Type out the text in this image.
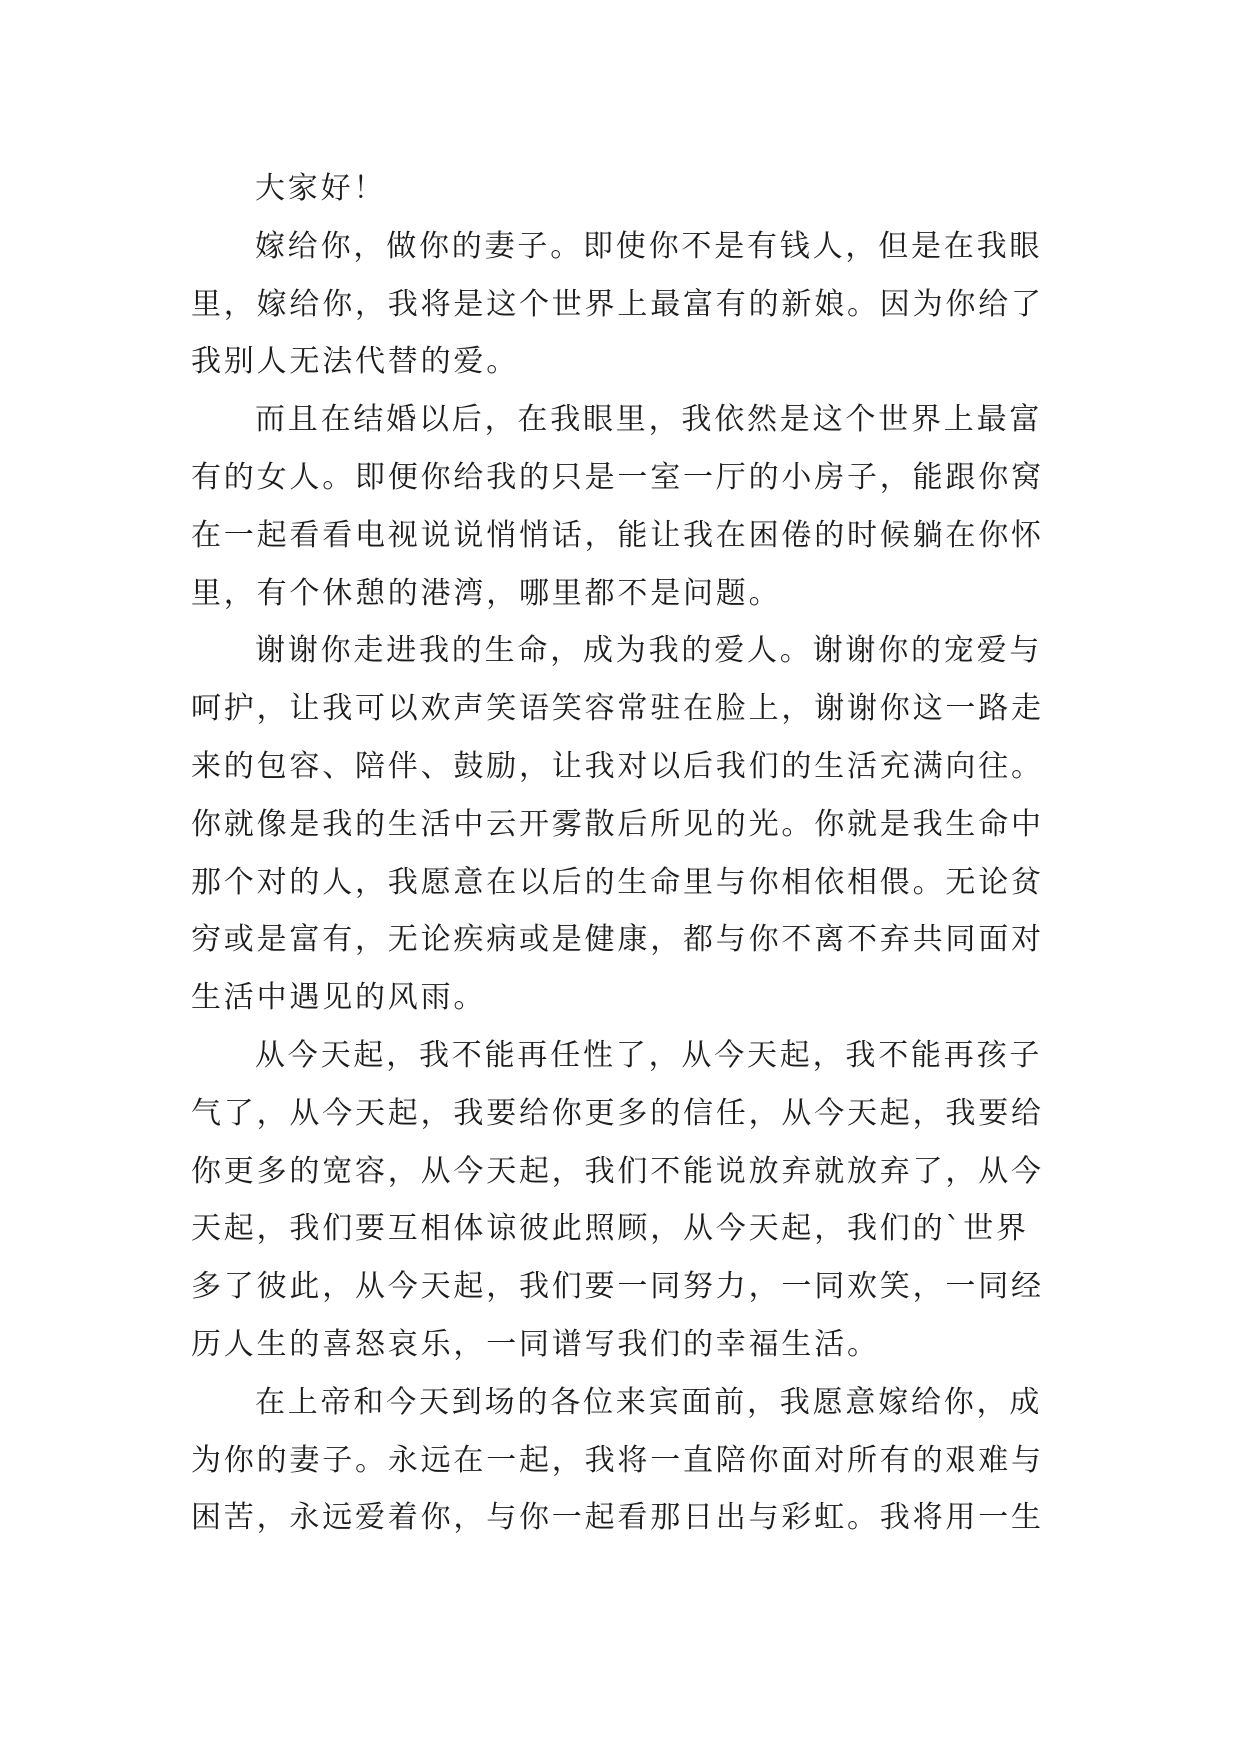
大家好！
嫁给你，做你的妻子。即使你不是有钱人，但是在我眼
里，嫁给你，我将是这个世界上最富有的新娘。因为你给了
我别人无法代替的爱。
而且在结婚以后，在我眼里，我依然是这个世界上最富
有的女人。即便你给我的只是一室一厅的小房子，能跟你窝
在一起看看电视说说悄悄话，能让我在困倦的时候躺在你怀
里，有个休憩的港湾，哪里都不是问题。
谢谢你走进我的生命，成为我的爱人。谢谢你的宠爱与
呵护，让我可以欢声笑语笑容常驻在脸上，谢谢你这一路走
来的包容、陪伴、鼓励，让我对以后我们的生活充满向往。
你就像是我的生活中云开雾散后所见的光。你就是我生命中
那个对的人，我愿意在以后的生命里与你相依相偎。无论贫
穷或是富有，无论疾病或是健康，都与你不离不弃共同面对
生活中遇见的风雨。
从今天起，我不能再任性了，从今天起，我不能再孩子
气了，从今天起，我要给你更多的信任，从今天起，我要给
你更多的宽容，从今天起，我们不能说放弃就放弃了，从今
天起，我们要互相体谅彼此照顾，从今天起，我们的`世界
多了彼此，从今天起，我们要一同努力，一同欢笑，一同经
历人生的喜怒哀乐，一同谱写我们的幸福生活。
在上帝和今天到场的各位来宾面前，我愿意嫁给你，成
为你的妻子。永远在一起，我将一直陪你面对所有的艰难与
困苦，永远爱着你，与你一起看那日出与彩虹。我将用一生
